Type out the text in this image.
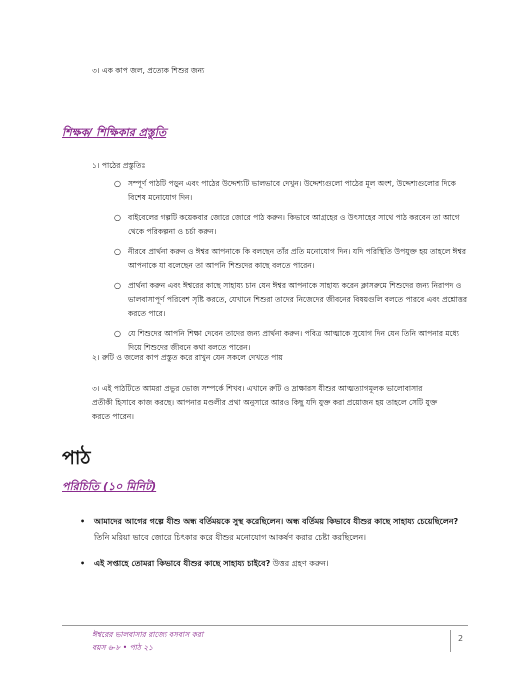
৩। এক কাপ জল, প্রত্যেক শিশুর জন্য
শিক্ষক/ শিক্ষিকার প্রস্তুতি
১। পাঠের প্রস্তুতিঃ
○ সম্পূর্ণ পাঠটি পড়ুন এবং পাঠের উদ্দেশ্যটি ভালভাবে দেখুন। উদ্দেশ্যগুলো পাঠের মূল অংশ, উদ্দেশ্যগুলোর দিকে বিশেষ মনোযোগ দিন।
○ বাইবেলের গল্পটি কয়েকবার জোরে জোরে পাঠ করুন। কিভাবে আগ্রহের ও উৎসাহের সাথে পাঠ করবেন তা আগে থেকে পরিকল্পনা ও চর্চা করুন।
○ নীরবে প্রার্থনা করুন ও ঈশ্বর আপনাকে কি বলছেন তাঁর প্রতি মনোযোগ দিন। যদি পরিস্থিতি উপযুক্ত হয় তাহলে ঈশ্বর আপনাকে যা বলেছেন তা আপনি শিশুদের কাছে বলতে পারেন।
○ প্রার্থনা করুন এবং ঈশ্বরের কাছে সাহায্য চান যেন ঈশ্বর আপনাকে সাহায্য করেন ক্লাসরুমে শিশুদের জন্য নিরাপদ ও ভালবাসাপূর্ণ পরিবেশ সৃষ্টি করতে, যেখানে শিশুরা তাদের নিজেদের জীবনের বিষয়গুলি বলতে পারবে এবং প্রশ্নোত্তর করতে পারে।
○ যে শিশুদের আপনি শিক্ষা দেবেন তাদের জন্য প্রার্থনা করুন। পবিত্র আত্মাকে সুযোগ দিন যেন তিনি আপনার মধ্যে দিয়ে শিশুদের জীবনে কথা বলতে পারেন।
২। রুটি ও জলের কাপ প্রস্তুত করে রাখুন যেন সকলে দেখতে পায়
৩। এই পাঠটিতে আমরা প্রভুর ভোজ সম্পর্কে শিখব। এখানে রুটি ও দ্রাক্ষারস যীশুর আত্মত্যাগমূলক ভালোবাসার প্রতীকী হিসাবে কাজ করছে। আপনার মণ্ডলীর প্রথা অনুসারে আরও কিছু যদি যুক্ত করা প্রয়োজন হয় তাহলে সেটি যুক্ত করতে পারেন।
পাঠ
পরিচিতি (১০ মিনিট)
• আমাদের আগের গল্পে যীশু অন্ধ বর্তিময়কে সুস্থ করেছিলেন। অন্ধ বর্তিময় কিভাবে যীশুর কাছে সাহায্য চেয়েছিলেন? তিনি মরিয়া ভাবে জোরে চিৎকার করে যীশুর মনোযোগ আকর্ষণ করার চেষ্টা করছিলেন।
• এই সপ্তাহে তোমরা কিভাবে যীশুর কাছে সাহায্য চাইবে? উত্তর গ্রহণ করুন।
ঈশ্বরের ভালবাসার রাজ্যে বসবাস করা
বয়স ৬-৮ • পাঠ ২১
2
